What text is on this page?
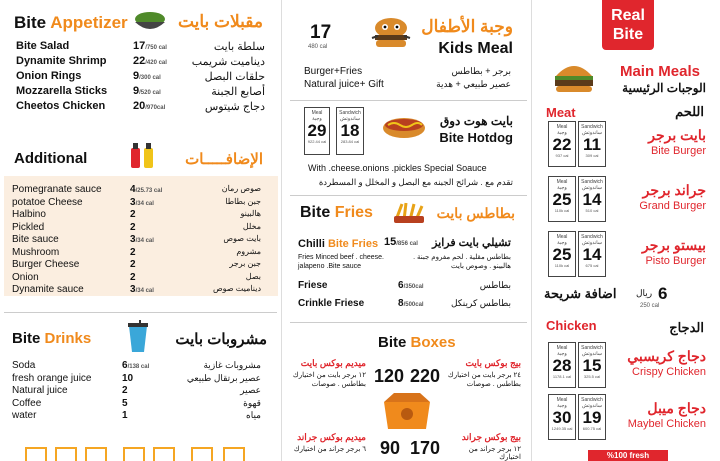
Bite Appetizer	مقبلات بايت
Bite Salad	17/750 cal	سلطة بايت
Dynamite Shrimp 22/420 cal ديناميت شريمب
Onion Rings	9/300 cal	حلقات البصل
Mozzarella Sticks 9/520 cal	أصابع الجبنة
Cheetos Chicken	20/970cal	دجاج شيتوس
Additional	الإضافـــــات
Pomegranate sauce	4/25.73 cal	صوص رمان
potatoe Cheese	3/34 cal	جبن بطاطا
Halbino	2	هالبينو
Pickled	2	مخلل
Bite sauce	3/34 cal	بايت صوص
Mushroom	2	مشروم
Burger Cheese	2	جبن برجر
Onion	2	بصل
Dynamite sauce	3/34 cal	ديناميت صوص
Bite Drinks	مشروبات بايت
Soda	6/138 cal	مشروبات غازية
fresh orange juice	10	عصير برتقال طبيعي
Natural juice	2	عصير
Coffee	5	قهوة
water	1	مياه
17
480 cal
وجبة الأطفال
Kids Meal
Burger+Fries
Natural juice+ Gift
برجر + بطاطس
عصير طبيعي + هدية
Meal
وجبة
29
922.44 cal
Sandwich
ساندوتش
18
283.84 cal
بايت هوت دوق
Bite Hotdog
With .cheese.onions .pickles Special Soauce
تقدم مع . شرائح الجبنه مع البصل و المخلل و المسطردة
Bite Fries	بطاطس بايت
Chilli Bite Fries 15/856 cal تشيلي بايت فرايز
Fries Minced beef . cheese. jalapeno .Bite sauce
بطاطس مقلية . لحم مفروم جبنة . هالبينو . وصوص بايت
Friese	6/350cal	بطاطس
Crinkle Friese	8/500cal	بطاطس كرينكل
Bite Boxes
ميديم بوكس بايت
١٢ برجر بايت من اختيارك بطاطس . صوصات 120 220
بيج بوكس بايت
٢٤ برجر بايت من اختيارك بطاطس . صوصات
ميديم بوكس جراند
٦ برجر جراند من اختيارك 90 170
بيج بوكس جراند
١٢ برجر جراند من اختيارك
Real
Bite
Main Meals
الوجبات الرئيسية
Meat	اللحم
Meal
وجبة
22
937 cal
Sandwich
ساندوتش
11
309 cal
بايت برجر
Bite Burger
Meal
وجبة
25
110k cal
Sandwich
ساندوتش
14
510 cal
جراند برجر
Grand Burger
Meal
وجبة
25
110k cal
Sandwich
ساندوتش
14
675 cal
بيستو برجر
Pisto Burger
اضافة شريحة ريال 6
250 cal
Chicken	الدجاج
Meal
وجبة
28
1178.1 cal
Sandwich
ساندوتش
15
325.5 cal
دجاج كريسبي
Crispy Chicken
Meal
وجبة
30
1249.35 cal
Sandwich
ساندوتش
19
600.75 cal
دجاج ميبل
Maybel Chicken
%100 fresh
